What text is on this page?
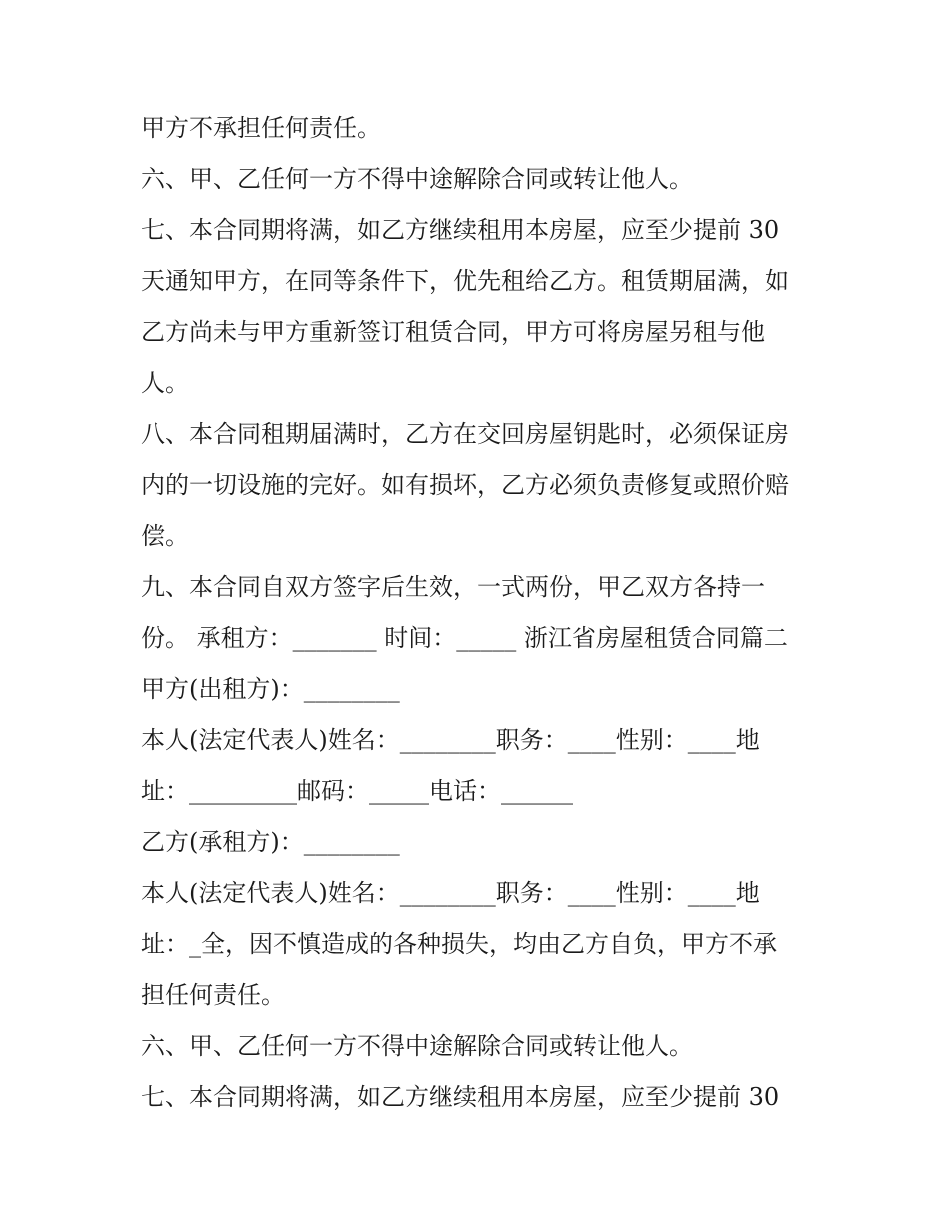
甲方不承担任何责任。
六、甲、乙任何一方不得中途解除合同或转让他人。
七、本合同期将满，如乙方继续租用本房屋，应至少提前 30
天通知甲方，在同等条件下，优先租给乙方。租赁期届满，如
乙方尚未与甲方重新签订租赁合同，甲方可将房屋另租与他
人。
八、本合同租期届满时，乙方在交回房屋钥匙时，必须保证房
内的一切设施的完好。如有损坏，乙方必须负责修复或照价赔
偿。
九、本合同自双方签字后生效，一式两份，甲乙双方各持一
份。 承租方：_______ 时间：_____ 浙江省房屋租赁合同篇二
甲方(出租方)：________
本人(法定代表人)姓名：________职务：____性别：____地
址：_________邮码：_____电话：______
乙方(承租方)：________
本人(法定代表人)姓名：________职务：____性别：____地
址：_全，因不慎造成的各种损失，均由乙方自负，甲方不承
担任何责任。
六、甲、乙任何一方不得中途解除合同或转让他人。
七、本合同期将满，如乙方继续租用本房屋，应至少提前 30
